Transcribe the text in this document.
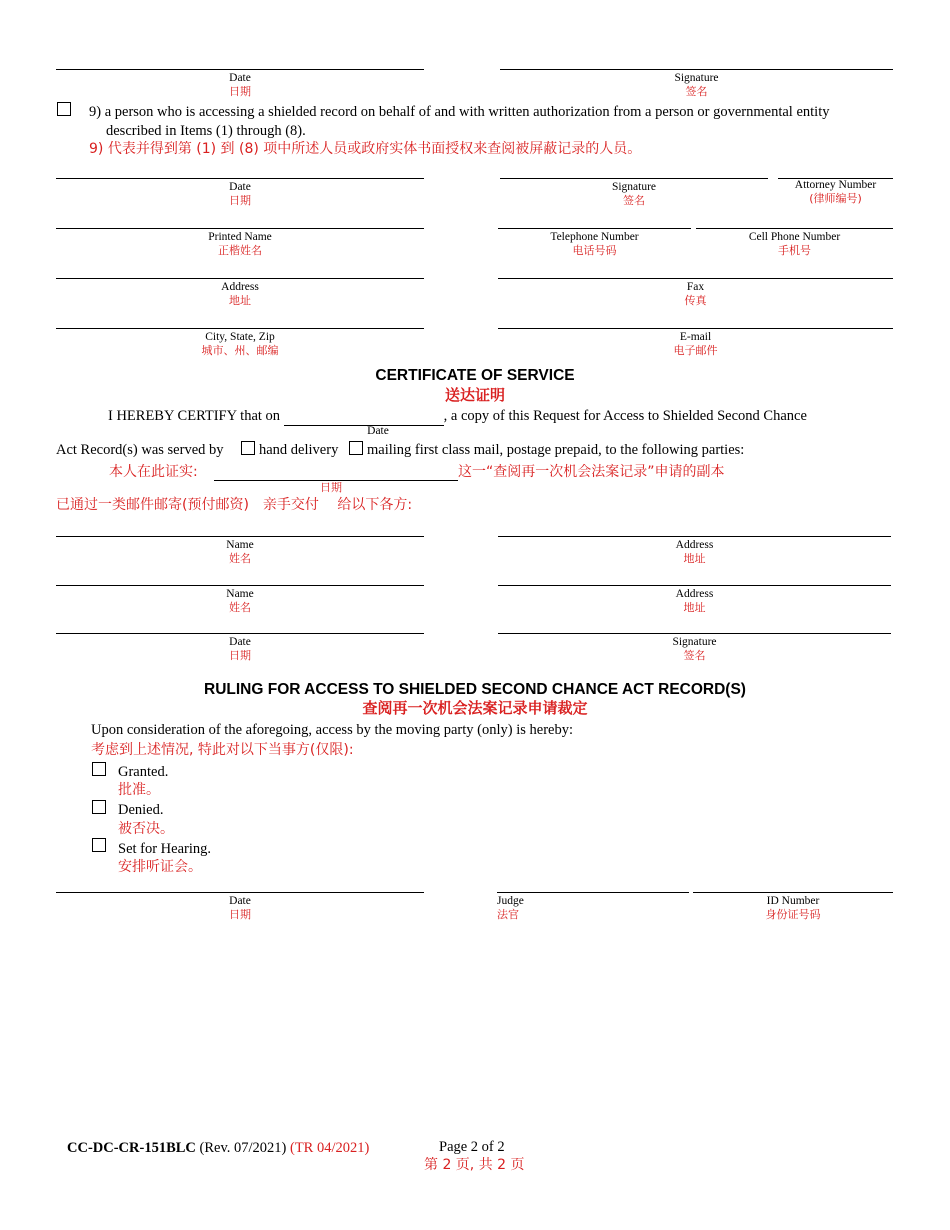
Date
日期
Signature
签名
9) a person who is accessing a shielded record on behalf of and with written authorization from a person or governmental entity
described in Items (1) through (8).
9) 代表并得到第 (1) 到 (8) 项中所述人员或政府实体书面授权来查阅被屏蔽记录的人员。
Date
日期
Signature
签名
Attorney Number
(律师编号)
Printed Name
正楷姓名
Telephone Number
电话号码
Cell Phone Number
手机号
Address
地址
Fax
传真
City, State, Zip
城市、州、邮编
E-mail
电子邮件
CERTIFICATE OF SERVICE
送达证明
I HEREBY CERTIFY that on	, a copy of this Request for Access to Shielded Second Chance
Date
Act Record(s) was served by hand delivery mailing first class mail, postage prepaid, to the following parties:
本人在此证实:	这一“查阅再一次机会法案记录”申请的副本
日期
已通过一类邮件邮寄(预付邮资)　亲手交付　 给以下各方:
Name
姓名
Address
地址
Name
姓名
Address
地址
Date
日期
Signature
签名
RULING FOR ACCESS TO SHIELDED SECOND CHANCE ACT RECORD(S)
查阅再一次机会法案记录申请裁定
Upon consideration of the aforegoing, access by the moving party (only) is hereby:
考虑到上述情况, 特此对以下当事方(仅限):
Granted.
批准。
Denied.
被否决。
Set for Hearing.
安排听证会。
Date
日期
Judge
法官
ID Number
身份证号码
CC-DC-CR-151BLC (Rev. 07/2021) (TR 04/2021)	Page 2 of 2
第 2 页, 共 2 页
